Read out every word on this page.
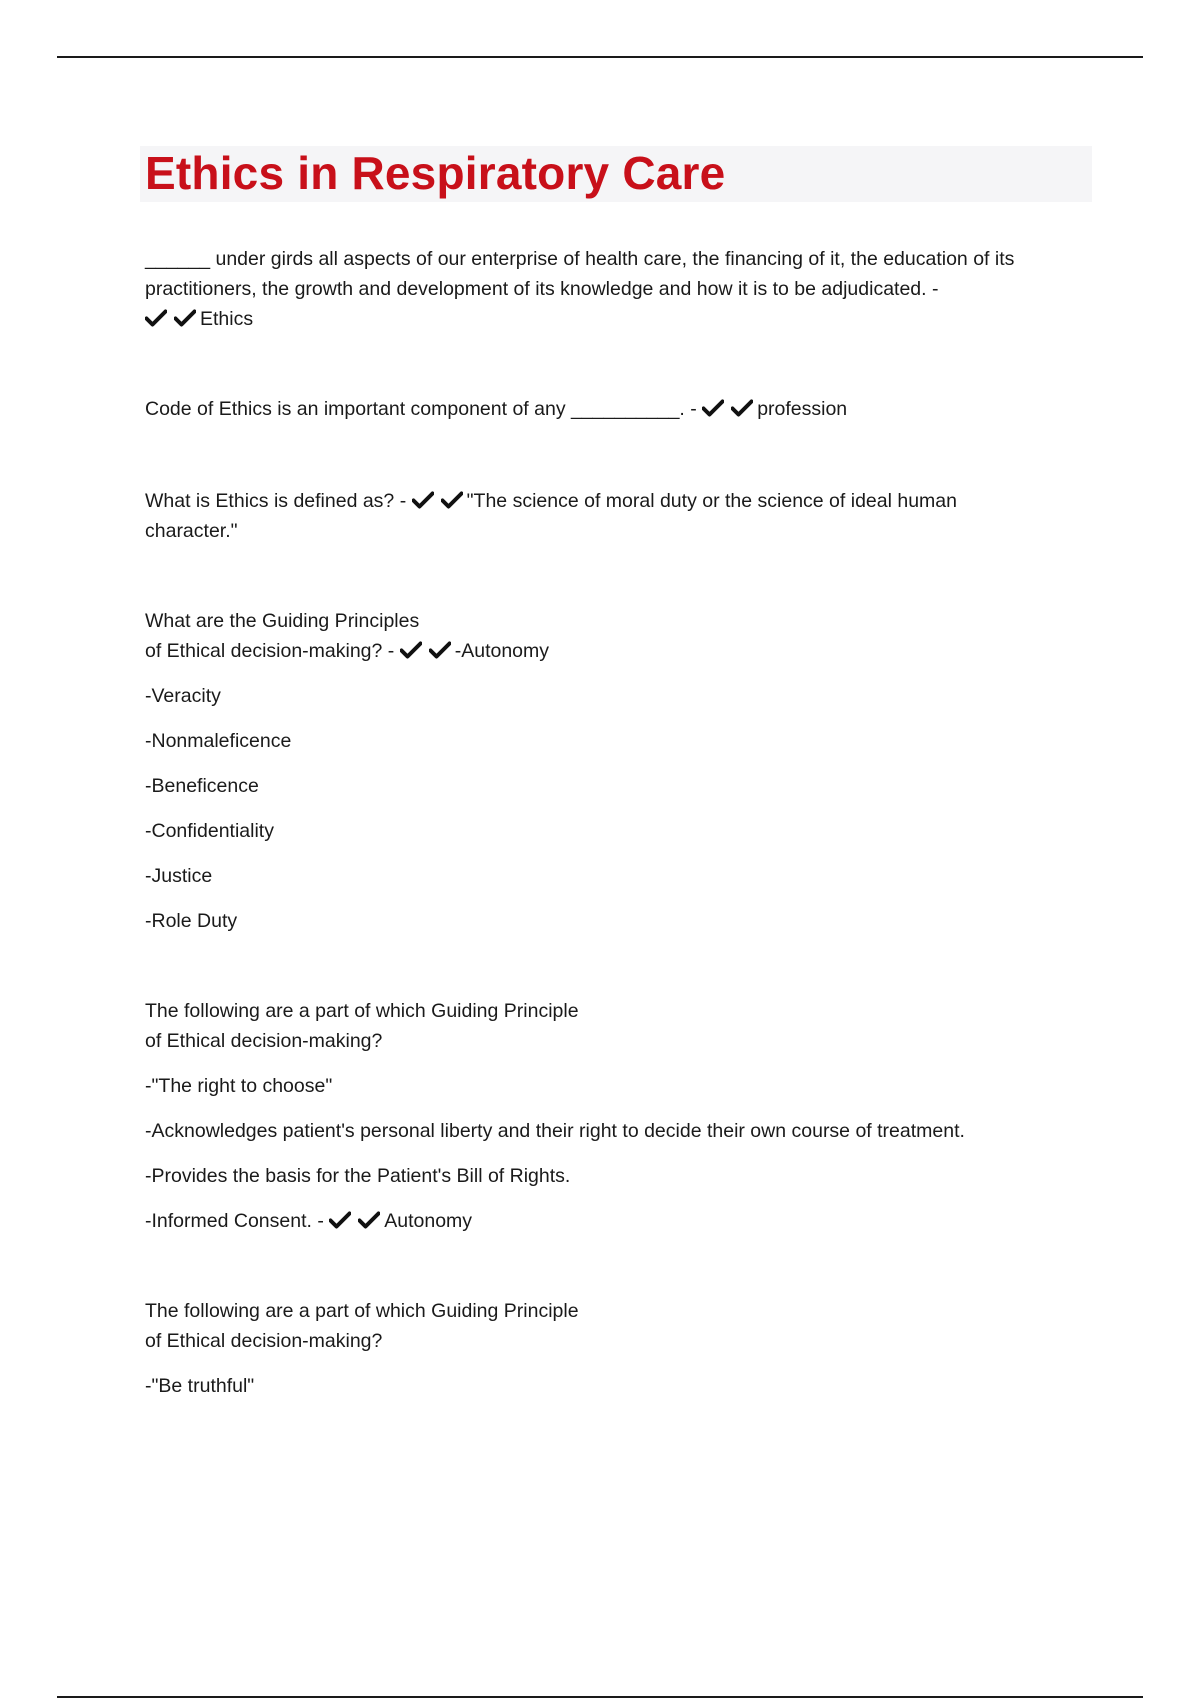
Ethics in Respiratory Care

______ under girds all aspects of our enterprise of health care, the financing of it, the education of its
practitioners, the growth and development of its knowledge and how it is to be adjudicated. -
Ethics

Code of Ethics is an important component of any __________. -	profession

What is Ethics is defined as? -	"The science of moral duty or the science of ideal human
character."

What are the Guiding Principles
of Ethical decision-making? -	-Autonomy
-Veracity
-Nonmaleficence
-Beneficence
-Confidentiality
-Justice
-Role Duty
The following are a part of which Guiding Principle
of Ethical decision-making?
-"The right to choose"
-Acknowledges patient's personal liberty and their right to decide their own course of treatment.
-Provides the basis for the Patient's Bill of Rights.
-Informed Consent. -	Autonomy
The following are a part of which Guiding Principle
of Ethical decision-making?
-"Be truthful"
